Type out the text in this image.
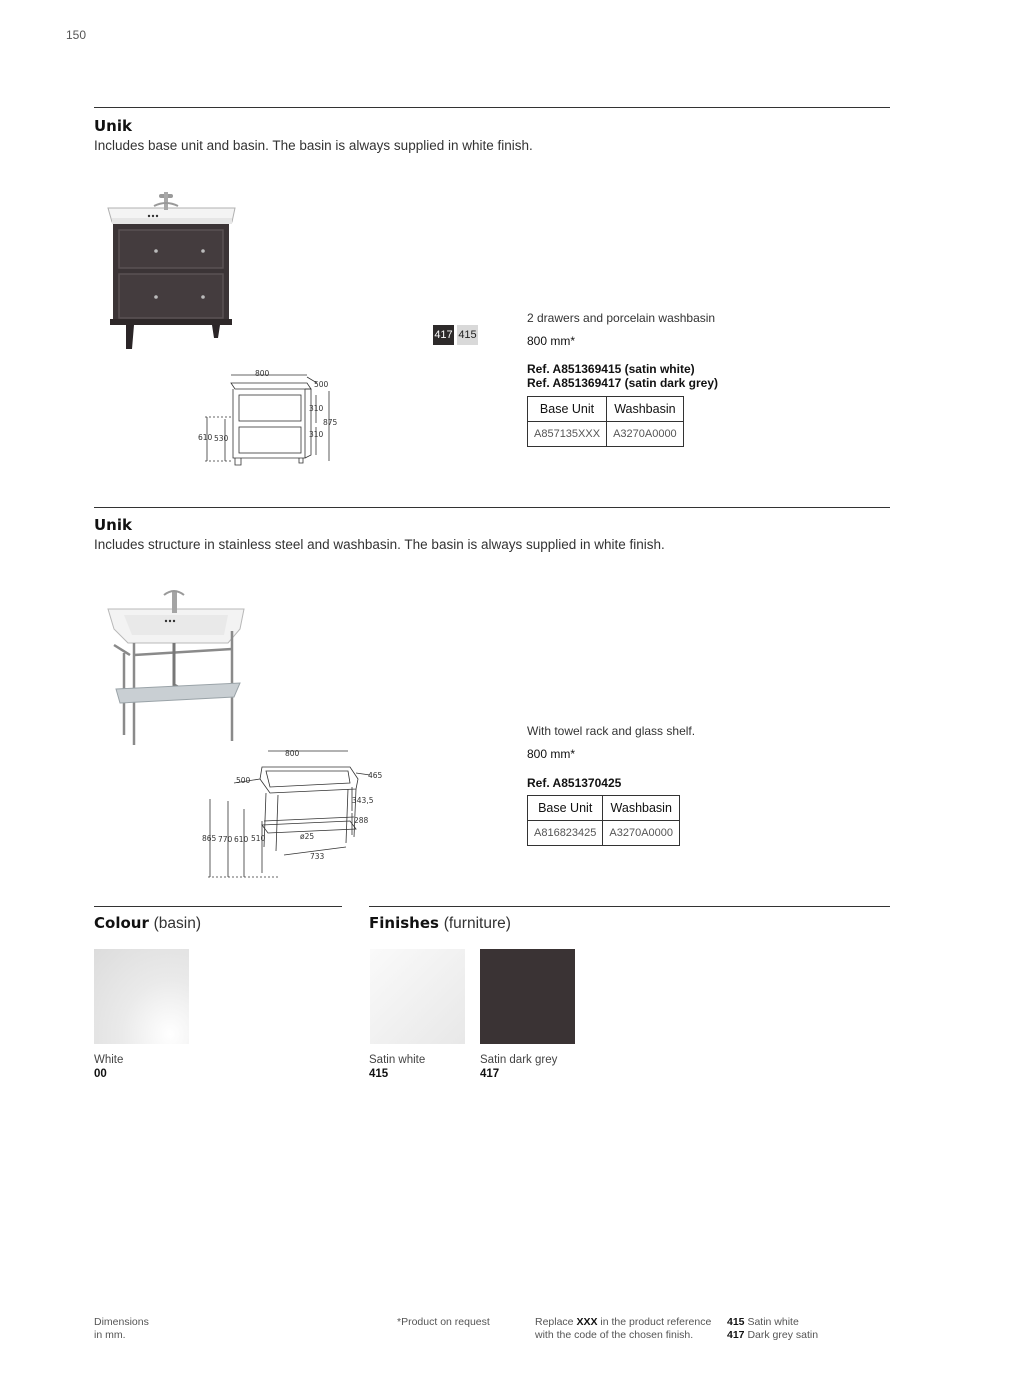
150
Unik
Includes base unit and basin. The basin is always supplied in white finish.
800
500
310
875
310
610 530
417 415
2 drawers and porcelain washbasin
800 mm*
Ref. A851369415 (satin white)
Ref. A851369417 (satin dark grey)
Base Unit	Washbasin
A857135XXX	A3270A0000
Unik
Includes structure in stainless steel and washbasin. The basin is always supplied in white finish.
800
500
465
343,5
288
865 770 610 510	ø25
733
With towel rack and glass shelf.
800 mm*
Ref. A851370425
Base Unit	Washbasin
A816823425	A3270A0000
Colour (basin)	Finishes (furniture)
White
00
Satin white
415
Satin dark grey
417
Dimensions
in mm.
*Product on request	Replace XXX in the product reference
with the code of the chosen finish.
415 Satin white
417 Dark grey satin
